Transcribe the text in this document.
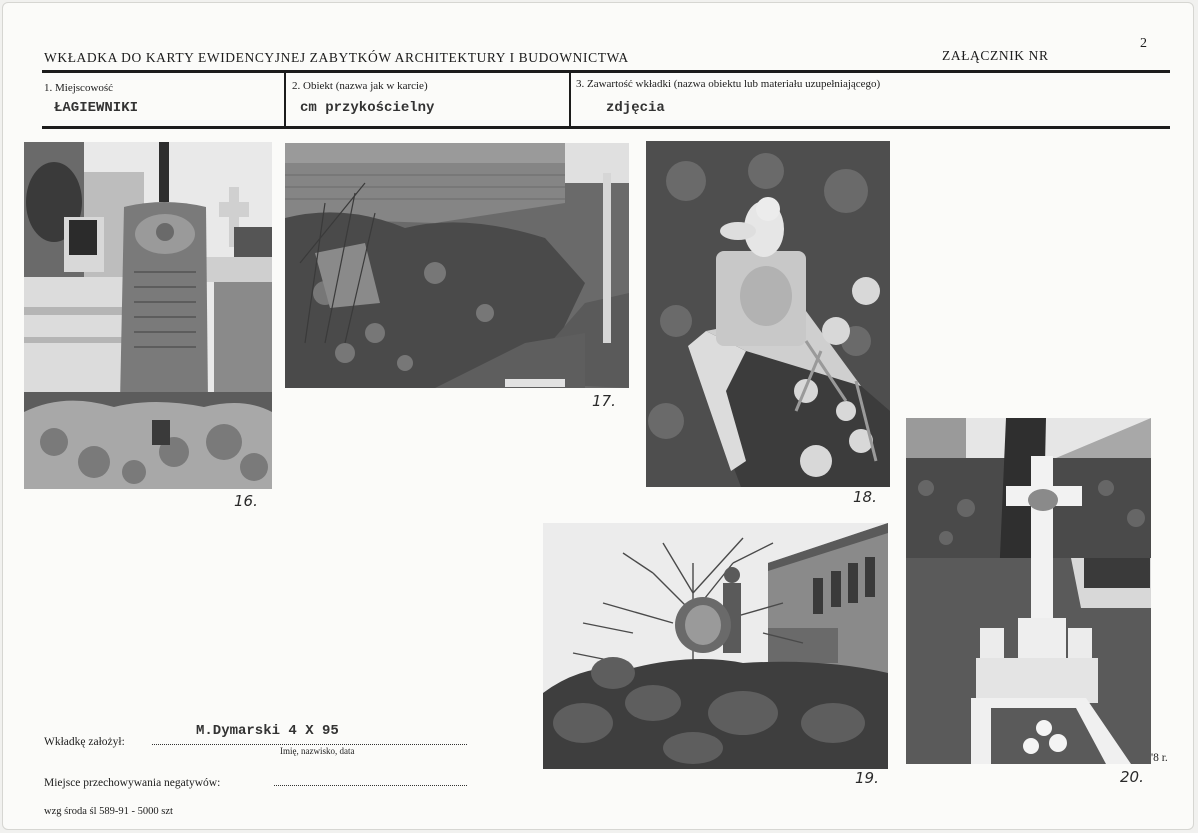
2
WKŁADKA DO KARTY EWIDENCYJNEJ ZABYTKÓW ARCHITEKTURY I BUDOWNICTWA	ZAŁĄCZNIK NR
1. Miejscowość
ŁAGIEWNIKI
2. Obiekt (nazwa jak w karcie)
cm przykościelny
3. Zawartość wkładki (nazwa obiektu lub materiału uzupełniającego)
zdjęcia
16.
17.
18.
19.	20.
'8 r.
Wkładkę założył:
M.Dymarski 4 X 95
Imię, nazwisko, data
Miejsce przechowywania negatywów:
wzg środa śl 589-91 - 5000 szt
